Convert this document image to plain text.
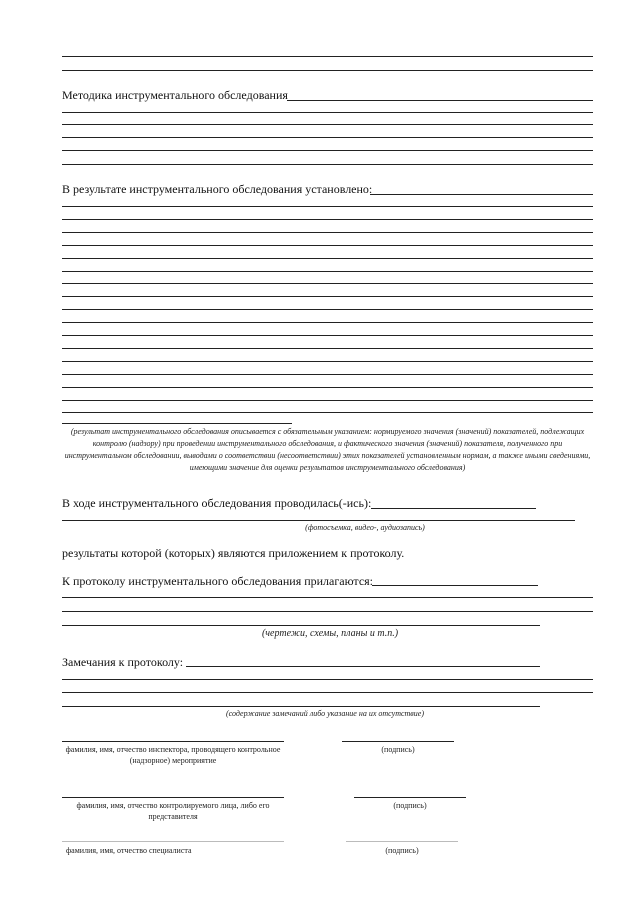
Методика инструментального обследования
В результате инструментального обследования установлено:
(результат инструментального обследования описывается с обязательным указанием: нормируемого значения (значений) показателей, подлежащих контролю (надзору) при проведении инструментального обследования, и фактического значения (значений) показателя, полученного при инструментальном обследовании, выводами о соответствии (несоответствии) этих показателей установленным нормам, а также иными сведениями, имеющими значение для оценки результатов инструментального обследования)
В ходе инструментального обследования проводилась(-ись):
(фотосъемка, видео-, аудиозапись)
результаты которой (которых) являются приложением к протоколу.
К протоколу инструментального обследования прилагаются:
(чертежи, схемы, планы и т.п.)
Замечания к протоколу:
(содержание замечаний либо указание на их отсутствие)
фамилия, имя, отчество инспектора, проводящего контрольное (надзорное) мероприятие
(подпись)
фамилия, имя, отчество контролируемого лица, либо его представителя
(подпись)
фамилия, имя, отчество специалиста	(подпись)
